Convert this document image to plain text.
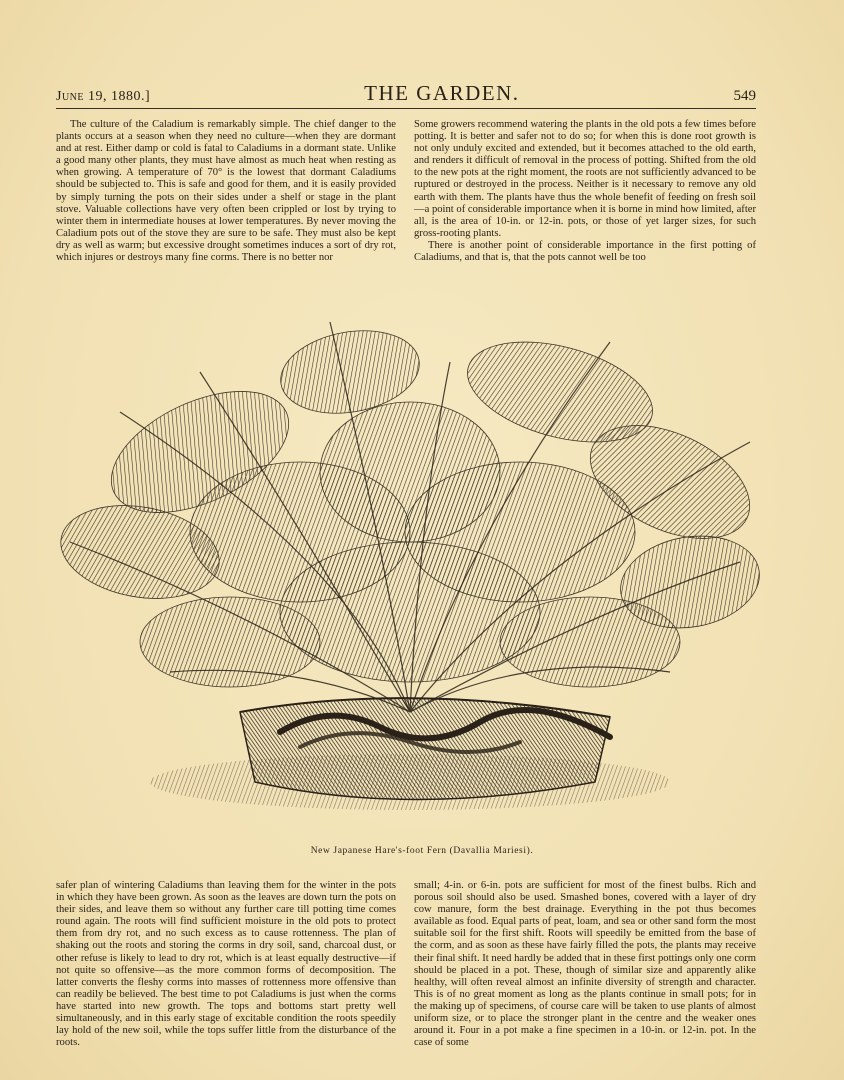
June 19, 1880.]	THE GARDEN.	549

The culture of the Caladium is remarkably simple. The chief danger to the plants occurs at a season when they need no culture—when they are dormant and at rest. Either damp or cold is fatal to Caladiums in a dormant state. Unlike a good many other plants, they must have almost as much heat when resting as when growing. A temperature of 70° is the lowest that dormant Caladiums should be subjected to. This is safe and good for them, and it is easily provided by simply turning the pots on their sides under a shelf or stage in the plant stove. Valuable collections have very often been crippled or lost by trying to winter them in intermediate houses at lower temperatures. By never moving the Caladium pots out of the stove they are sure to be safe. They must also be kept dry as well as warm; but excessive drought sometimes induces a sort of dry rot, which injures or destroys many fine corms. There is no better nor

Some growers recommend watering the plants in the old pots a few times before potting. It is better and safer not to do so; for when this is done root growth is not only unduly excited and extended, but it becomes attached to the old earth, and renders it difficult of removal in the process of potting. Shifted from the old to the new pots at the right moment, the roots are not sufficiently advanced to be ruptured or destroyed in the process. Neither is it necessary to remove any old earth with them. The plants have thus the whole benefit of feeding on fresh soil—a point of considerable importance when it is borne in mind how limited, after all, is the area of 10-in. or 12-in. pots, or those of yet larger sizes, for such gross-rooting plants.

There is another point of considerable importance in the first potting of Caladiums, and that is, that the pots cannot well be too

New Japanese Hare's-foot Fern (Davallia Mariesi).

safer plan of wintering Caladiums than leaving them for the winter in the pots in which they have been grown. As soon as the leaves are down turn the pots on their sides, and leave them so without any further care till potting time comes round again. The roots will find sufficient moisture in the old pots to protect them from dry rot, and no such excess as to cause rottenness. The plan of shaking out the roots and storing the corms in dry soil, sand, charcoal dust, or other refuse is likely to lead to dry rot, which is at least equally destructive—if not quite so offensive—as the more common forms of decomposition. The latter converts the fleshy corms into masses of rottenness more offensive than can readily be believed. The best time to pot Caladiums is just when the corms have started into new growth. The tops and bottoms start pretty well simultaneously, and in this early stage of excitable condition the roots speedily lay hold of the new soil, while the tops suffer little from the disturbance of the roots.

small; 4-in. or 6-in. pots are sufficient for most of the finest bulbs. Rich and porous soil should also be used. Smashed bones, covered with a layer of dry cow manure, form the best drainage. Everything in the pot thus becomes available as food. Equal parts of peat, loam, and sea or other sand form the most suitable soil for the first shift. Roots will speedily be emitted from the base of the corm, and as soon as these have fairly filled the pots, the plants may receive their final shift. It need hardly be added that in these first pottings only one corm should be placed in a pot. These, though of similar size and apparently alike healthy, will often reveal almost an infinite diversity of strength and character. This is of no great moment as long as the plants continue in small pots; for in the making up of specimens, of course care will be taken to use plants of almost uniform size, or to place the stronger plant in the centre and the weaker ones around it. Four in a pot make a fine specimen in a 10-in. or 12-in. pot. In the case of some
